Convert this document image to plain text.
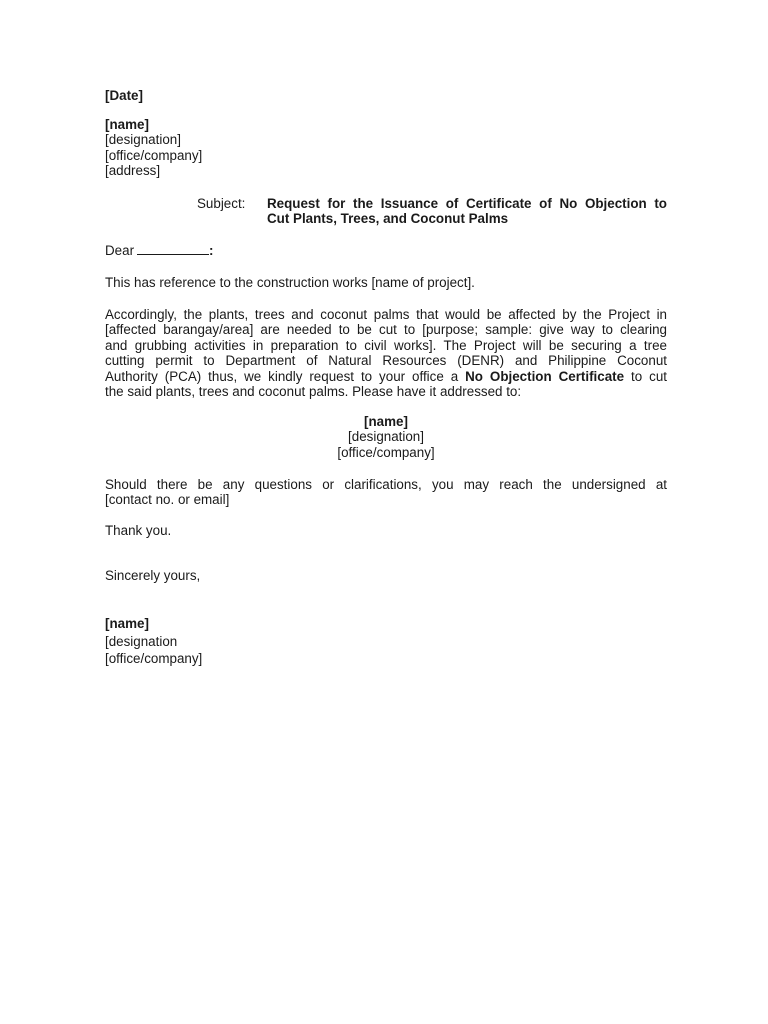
[Date]
[name]
[designation]
[office/company]
[address]
Subject: Request for the Issuance of Certificate of No Objection to
Cut Plants, Trees, and Coconut Palms
Dear	:
This has reference to the construction works [name of project].
Accordingly, the plants, trees and coconut palms that would be affected by the Project in
[affected barangay/area] are needed to be cut to [purpose; sample: give way to clearing
and grubbing activities in preparation to civil works]. The Project will be securing a tree
cutting permit to Department of Natural Resources (DENR) and Philippine Coconut
Authority (PCA) thus, we kindly request to your office a No Objection Certificate to cut
the said plants, trees and coconut palms. Please have it addressed to:
[name]
[designation]
[office/company]
Should there be any questions or clarifications, you may reach the undersigned at
[contact no. or email]
Thank you.
Sincerely yours,
[name]
[designation
[office/company]
